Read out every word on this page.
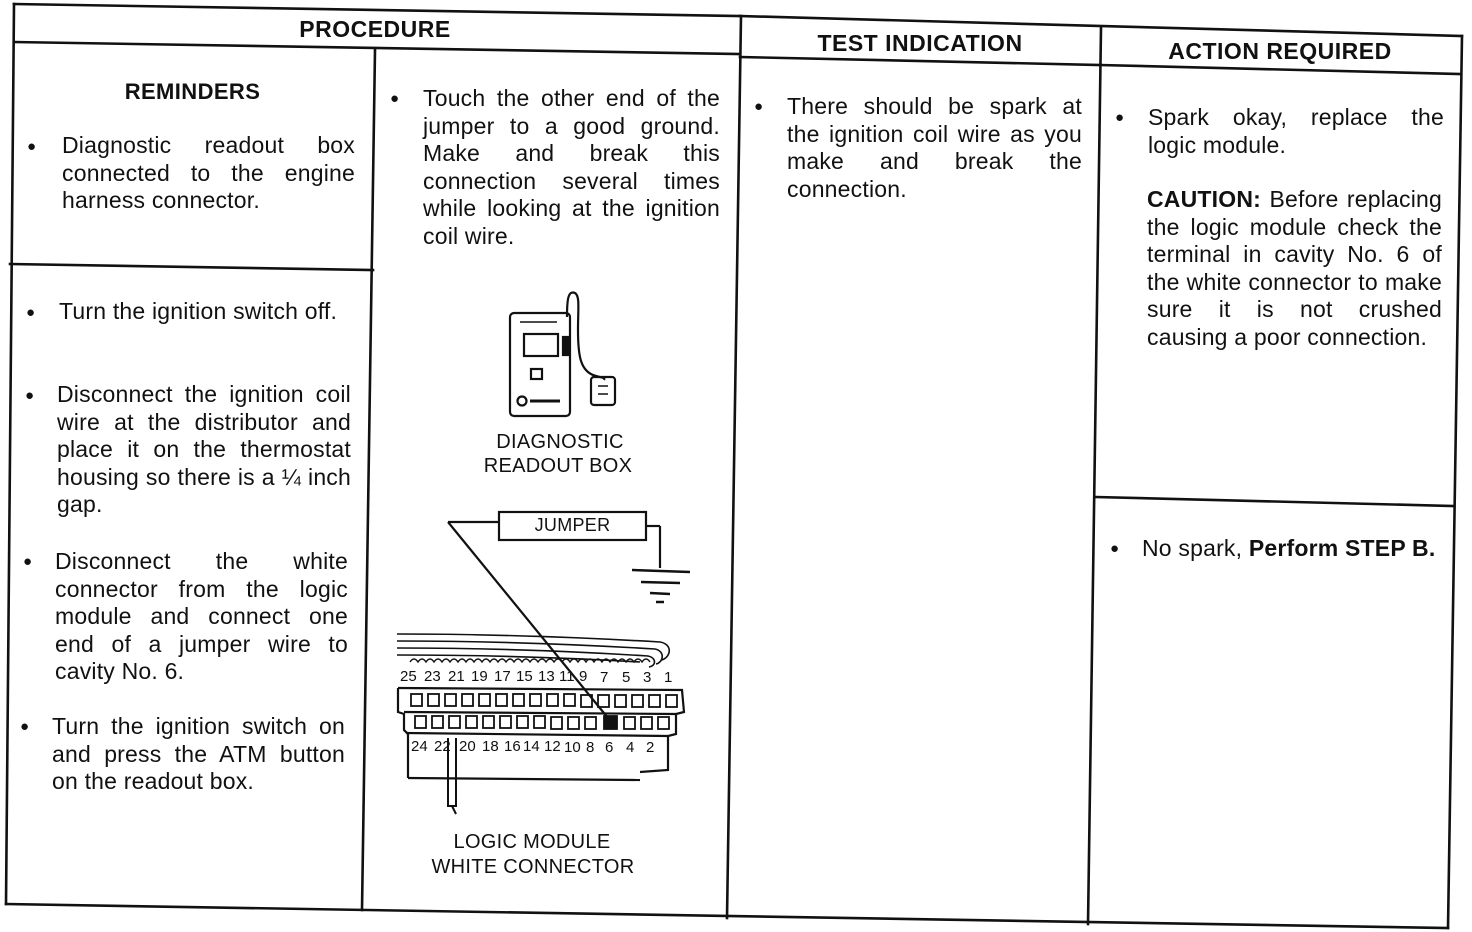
PROCEDURE
TEST INDICATION	ACTION REQUIRED
REMINDERS
● Diagnostic readout box connected to the engine harness connector.
● Turn the ignition switch off.
● Disconnect the ignition coil wire at the distributor and place it on the thermostat housing so there is a ¼ inch gap.
● Disconnect the white connector from the logic module and connect one end of a jumper wire to cavity No. 6.
● Turn the ignition switch on and press the ATM button on the readout box.
● Touch the other end of the jumper to a good ground. Make and break this connection several times while looking at the ignition coil wire.
DIAGNOSTIC
READOUT BOX
25 23 21 19 17 15 13 11 9 7 5 3 1
24 22 20 18 16 14 12 10 8 6 4 2
JUMPER
LOGIC MODULE
WHITE CONNECTOR
● There should be spark at the ignition coil wire as you make and break the connection.
● Spark okay, replace the logic module.
CAUTION: Before replacing the logic module check the terminal in cavity No. 6 of the white connector to make sure it is not crushed causing a poor connection.
● No spark, Perform STEP B.
